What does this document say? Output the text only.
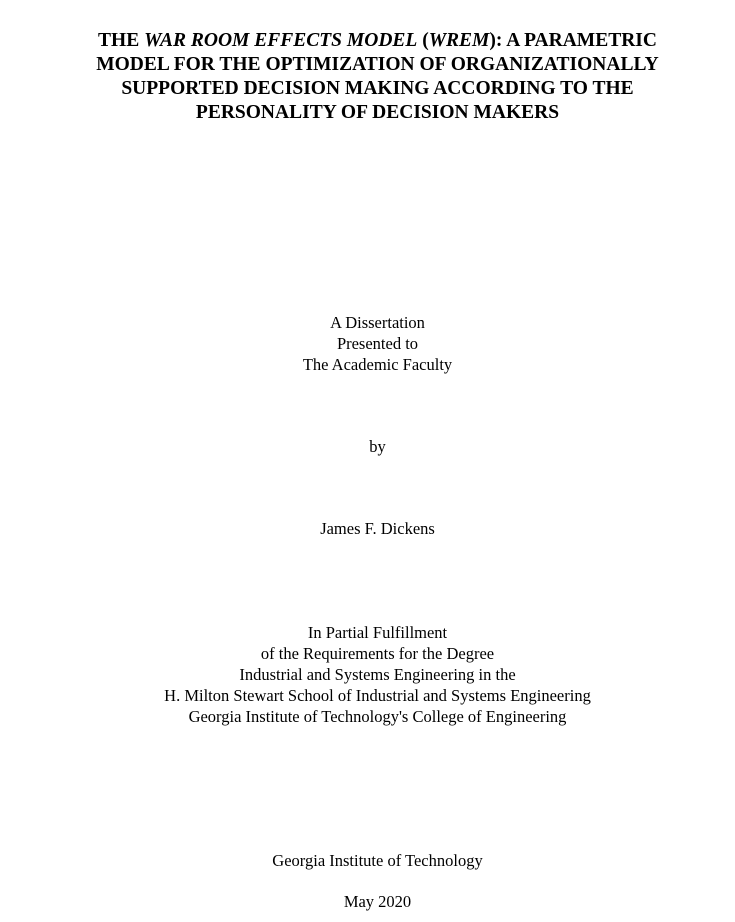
THE WAR ROOM EFFECTS MODEL (WREM): A PARAMETRIC
MODEL FOR THE OPTIMIZATION OF ORGANIZATIONALLY
SUPPORTED DECISION MAKING ACCORDING TO THE
PERSONALITY OF DECISION MAKERS
A Dissertation
Presented to
The Academic Faculty
by
James F. Dickens
In Partial Fulfillment
of the Requirements for the Degree
Industrial and Systems Engineering in the
H. Milton Stewart School of Industrial and Systems Engineering
Georgia Institute of Technology's College of Engineering
Georgia Institute of Technology
May 2020
